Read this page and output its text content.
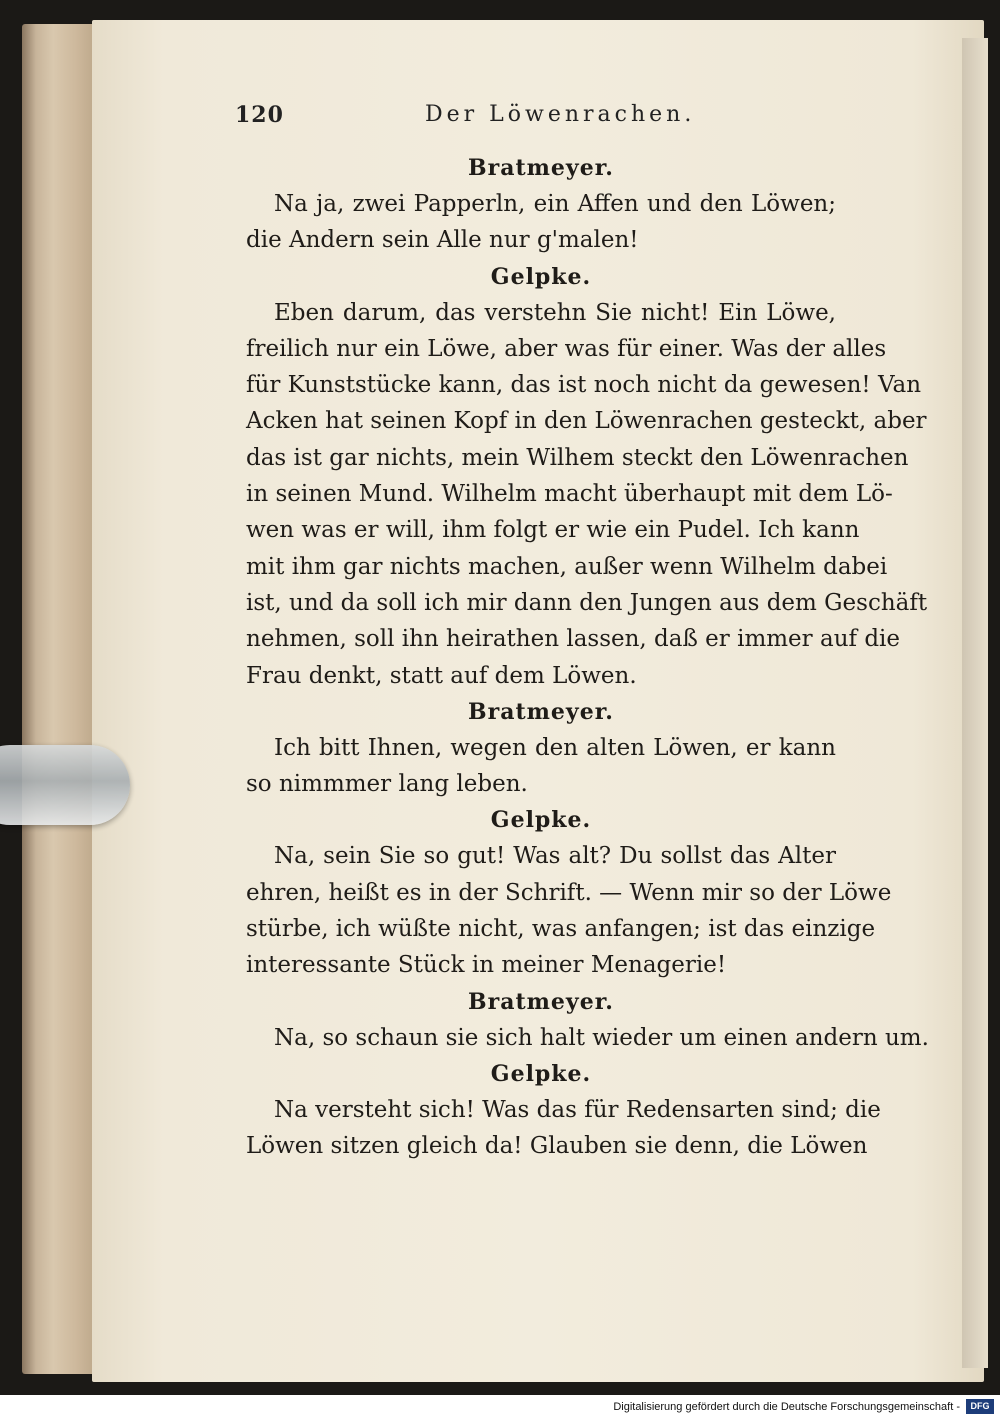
120	Der Löwenrachen.
Bratmeyer.

Na ja, zwei Papperln, ein Affen und den Löwen;

die Andern sein Alle nur g'malen!

Gelpke.

Eben darum, das verstehn Sie nicht! Ein Löwe,

freilich nur ein Löwe, aber was für einer. Was der alles

für Kunststücke kann, das ist noch nicht da gewesen! Van

Acken hat seinen Kopf in den Löwenrachen gesteckt, aber

das ist gar nichts, mein Wilhem steckt den Löwenrachen

in seinen Mund. Wilhelm macht überhaupt mit dem Lö-

wen was er will, ihm folgt er wie ein Pudel. Ich kann

mit ihm gar nichts machen, außer wenn Wilhelm dabei

ist, und da soll ich mir dann den Jungen aus dem Geschäft

nehmen, soll ihn heirathen lassen, daß er immer auf die

Frau denkt, statt auf dem Löwen.

Bratmeyer.

Ich bitt Ihnen, wegen den alten Löwen, er kann

so nimmmer lang leben.

Gelpke.

Na, sein Sie so gut! Was alt? Du sollst das Alter

ehren, heißt es in der Schrift. — Wenn mir so der Löwe

stürbe, ich wüßte nicht, was anfangen; ist das einzige

interessante Stück in meiner Menagerie!

Bratmeyer.

Na, so schaun sie sich halt wieder um einen andern um.

Gelpke.

Na versteht sich! Was das für Redensarten sind; die

Löwen sitzen gleich da! Glauben sie denn, die Löwen

Digitalisierung gefördert durch die Deutsche Forschungsgemeinschaft -	DFG
